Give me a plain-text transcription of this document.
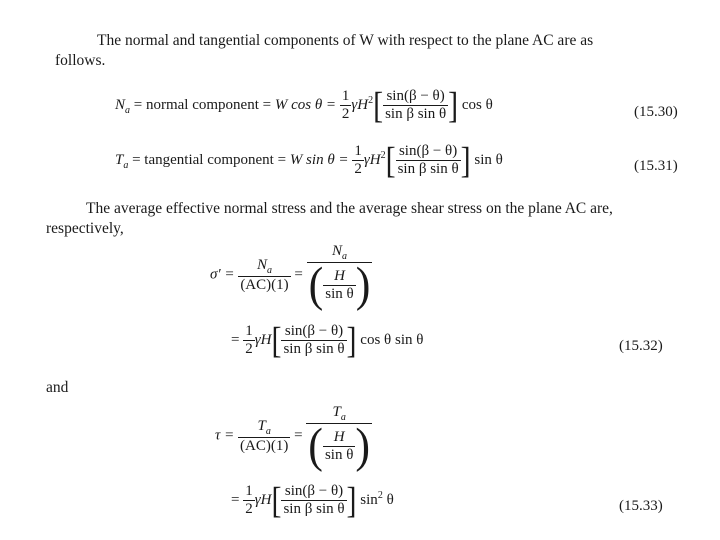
The normal and tangential components of W with respect to the plane AC are as
follows.
$N_a$ = normal component = W $\cos \theta = \frac{1}{2} \gamma H^2[ \frac{\sin(\beta - \theta)}{\text{sin β sin θ}}$ ] cos θ	(15.30)
$T_a$ = tangential component = W $\sin \theta = \frac{1}{2} \gamma H^2[ \frac{\sin(\beta - \theta)}{\text{sin β sin θ}}$ ] sin θ	(15.31)
The average effective normal stress and the average shear stress on the plane AC are,
respectively,
$\sigma' = \frac{N_a}{(AC)(1)} = \frac{N_a}{( \frac{H}{\text{sin θ}} )}$
= $\frac{1}{2} \gamma H[ \frac{\sin(\beta - \theta)}{\text{sin β sin θ}}$ ] cos θ sin θ	(15.32)
and
$\tau = \frac{T_a}{(AC)(1)} = \frac{T_a}{( \frac{H}{\text{sin θ}} )}$
= $\frac{1}{2} \gamma H[ \frac{\sin(\beta - \theta)}{\text{sin β sin θ}}$ ] $\sin^2 \theta$	(15.33)
